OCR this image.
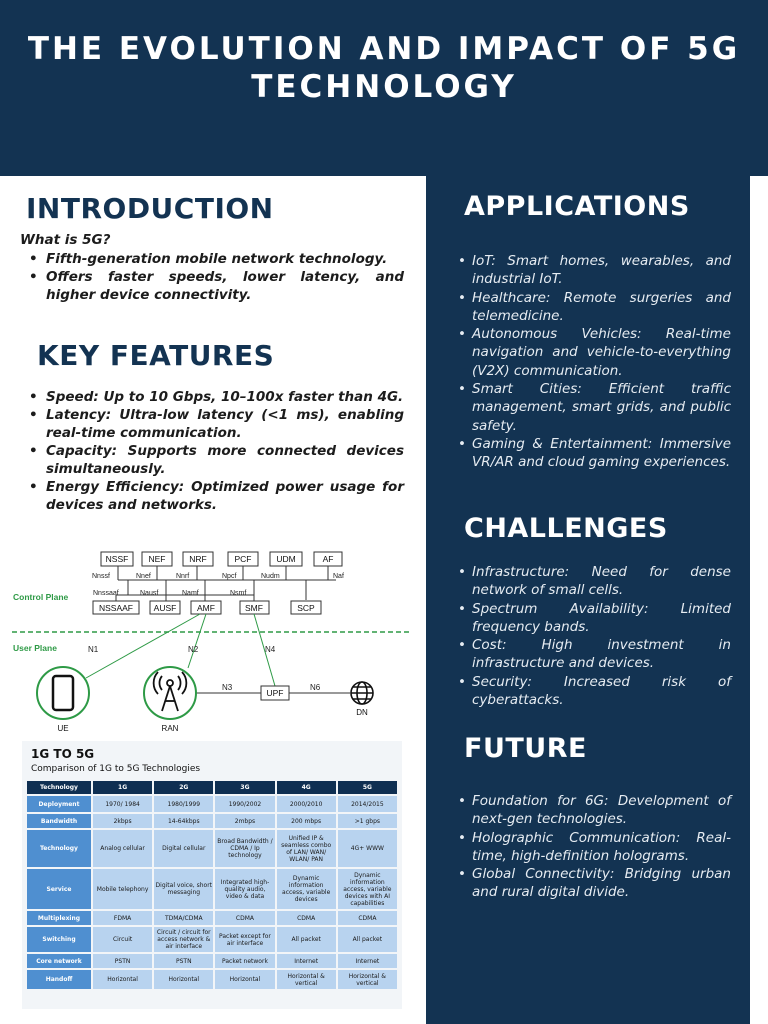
THE EVOLUTION AND IMPACT OF 5G TECHNOLOGY
INTRODUCTION

What is 5G?

• Fifth-generation mobile network technology.
• Offers faster speeds, lower latency, and higher device connectivity.
KEY FEATURES
• Speed: Up to 10 Gbps, 10–100x faster than 4G.
• Latency: Ultra-low latency (<1 ms), enabling real-time communication.
• Capacity: Supports more connected devices simultaneously.
• Energy Efficiency: Optimized power usage for devices and networks.
NSSF NEF	NRF	PCF	UDM	AF
Nnssf	Nnef	Nnrf	Npcf	Nudm	Naf
Nnssaaf	Nausf	Namf	Nsmf
NSSAAF AUSF AMF	SMF	SCP
Control Plane
User Plane	N1	N2	N4
N3	N6
UE	RAN
UPF
DN

1G TO 5G

Comparison of 1G to 5G Technologies

Technology	1G	2G	3G	4G	5G
Deployment	1970/ 1984	1980/1999	1990/2002	2000/2010	2014/2015
Bandwidth	2kbps	14-64kbps	2mbps	200 mbps	>1 gbps
Technology	Analog cellular	Digital cellular	Broad Bandwidth / CDMA / Ip technology	Unified IP & seamless combo of LAN/ WAN/ WLAN/ PAN	4G+ WWW
Service	Mobile telephony	Digital voice, short messaging	Integrated high-quality audio, video & data	Dynamic information access, variable devices	Dynamic information access, variable devices with AI capabilities
Multiplexing	FDMA	TDMA/CDMA	CDMA	CDMA	CDMA
Switching	Circuit	Circuit / circuit for access network & air interface	Packet except for air interface	All packet	All packet
Core network	PSTN	PSTN	Packet network	Internet	Internet
Handoff	Horizontal	Horizontal	Horizontal	Horizontal & vertical	Horizontal & vertical
APPLICATIONS
• IoT: Smart homes, wearables, and industrial IoT.
• Healthcare: Remote surgeries and telemedicine.
• Autonomous Vehicles: Real-time navigation and vehicle-to-everything (V2X) communication.
• Smart Cities: Efficient traffic management, smart grids, and public safety.
• Gaming & Entertainment: Immersive VR/AR and cloud gaming experiences.
CHALLENGES
• Infrastructure: Need for dense network of small cells.
• Spectrum Availability: Limited frequency bands.
• Cost: High investment in infrastructure and devices.
• Security: Increased risk of cyberattacks.
FUTURE
• Foundation for 6G: Development of next-gen technologies.
• Holographic Communication: Real-time, high-definition holograms.
• Global Connectivity: Bridging urban and rural digital divide.
